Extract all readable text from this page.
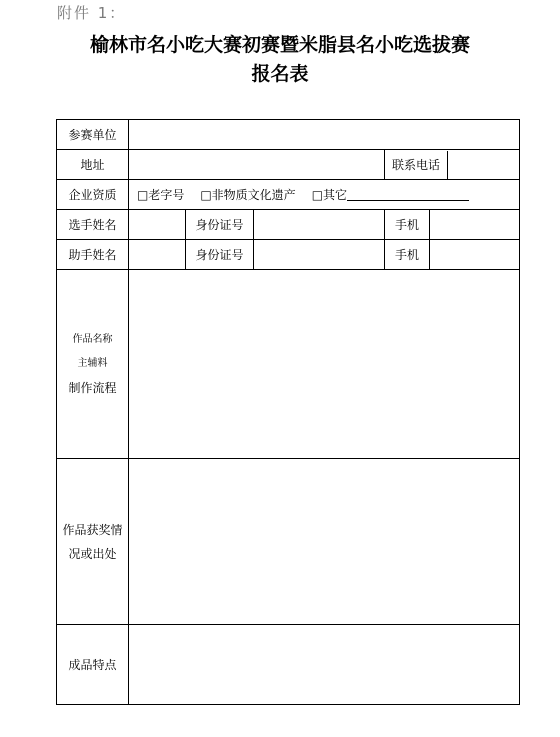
附件 1：
榆林市名小吃大赛初赛暨米脂县名小吃选拔赛
报名表
参赛单位					
地址				联系电话	

企业资质	□老字号 □非物质文化遗产 □其它				
选手姓名		身份证号		手机	
助手姓名		身份证号		手机	

作品名称
主辅料
制作流程					

作品获奖情
况或出处					

成品特点					
